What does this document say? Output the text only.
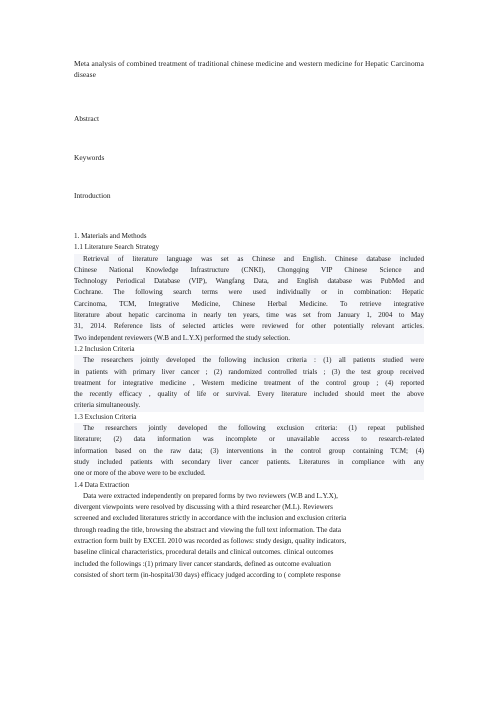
Meta analysis of combined treatment of traditional chinese medicine and western medicine for Hepatic Carcinoma disease
Abstract
Keywords
Introduction
1. Materials and Methods
1.1 Literature Search Strategy
Retrieval of literature language was set as Chinese and English. Chinese database included
Chinese National Knowledge Infrastructure (CNKI), Chongqing VIP Chinese Science and
Technology Periodical Database (VIP), Wangfang Data, and English database was PubMed and
Cochrane. The following search terms were used individually or in combination: Hepatic
Carcinoma, TCM, Integrative Medicine, Chinese Herbal Medicine. To retrieve integrative
literature about hepatic carcinoma in nearly ten years, time was set from January 1, 2004 to May
31, 2014. Reference lists of selected articles were reviewed for other potentially relevant articles.
Two independent reviewers (W.B and L.Y.X) performed the study selection.
1.2 Inclusion Criteria
The researchers jointly developed the following inclusion criteria : (1) all patients studied were
in patients with primary liver cancer ; (2) randomized controlled trials ; (3) the test group received
treatment for integrative medicine , Western medicine treatment of the control group ; (4) reported
the recently efficacy , quality of life or survival. Every literature included should meet the above
criteria simultaneously.
1.3 Exclusion Criteria
The researchers jointly developed the following exclusion criteria: (1) repeat published
literature; (2) data information was incomplete or unavailable access to research-related
information based on the raw data; (3) interventions in the control group containing TCM; (4)
study included patients with secondary liver cancer patients. Literatures in compliance with any
one or more of the above were to be excluded.
1.4 Data Extraction
Data were extracted independently on prepared forms by two reviewers (W.B and L.Y.X),
divergent viewpoints were resolved by discussing with a third researcher (M.L). Reviewers
screened and excluded literatures strictly in accordance with the inclusion and exclusion criteria
through reading the title, browsing the abstract and viewing the full text information. The data
extraction form built by EXCEL 2010 was recorded as follows: study design, quality indicators,
baseline clinical characteristics, procedural details and clinical outcomes. clinical outcomes
included the followings :(1) primary liver cancer standards, defined as outcome evaluation
consisted of short term (in-hospital/30 days) efficacy judged according to ( complete response
